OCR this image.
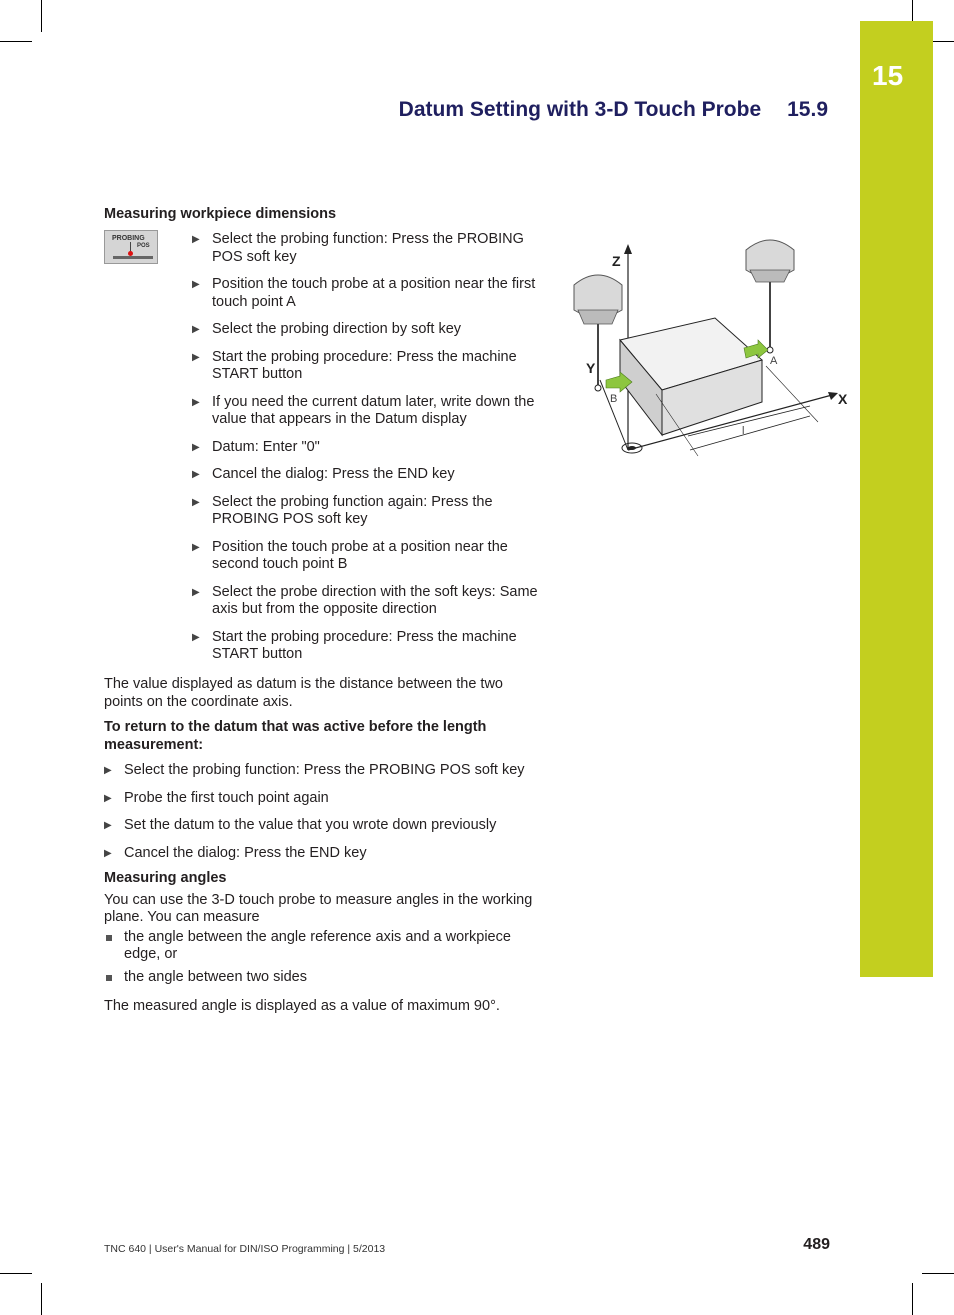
15
Datum Setting with 3-D Touch Probe 15.9
Measuring workpiece dimensions
PROBING
POS
▶ Select the probing function: Press the PROBING POS soft key
▶ Position the touch probe at a position near the first touch point A
▶ Select the probing direction by soft key
▶ Start the probing procedure: Press the machine START button
▶ If you need the current datum later, write down the value that appears in the Datum display
▶ Datum: Enter "0"
▶ Cancel the dialog: Press the END key
▶ Select the probing function again: Press the PROBING POS soft key
▶ Position the touch probe at a position near the second touch point B
▶ Select the probe direction with the soft keys: Same axis but from the opposite direction
▶ Start the probing procedure: Press the machine START button

The value displayed as datum is the distance between the two points on the coordinate axis.

To return to the datum that was active before the length measurement:
▶ Select the probing function: Press the PROBING POS soft key
▶ Probe the first touch point again
▶ Set the datum to the value that you wrote down previously
▶ Cancel the dialog: Press the END key
Measuring angles

You can use the 3-D touch probe to measure angles in the working plane. You can measure

the angle between the angle reference axis and a workpiece edge, or
the angle between two sides

The measured angle is displayed as a value of maximum 90°.

Z
Y
X
A
B
l
TNC 640 | User's Manual for DIN/ISO Programming | 5/2013	489
